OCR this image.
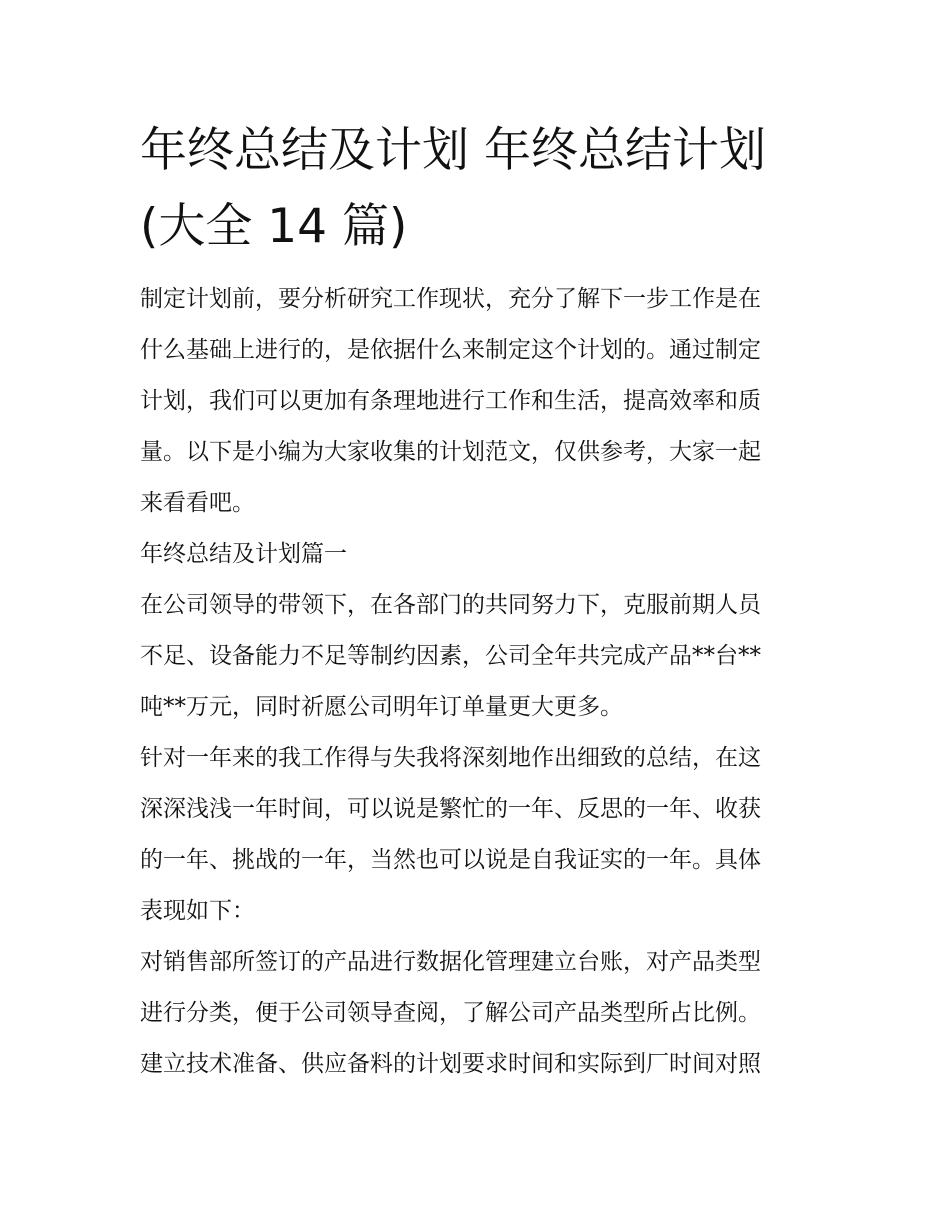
年终总结及计划 年终总结计划
(大全 14 篇)
制定计划前，要分析研究工作现状，充分了解下一步工作是在
什么基础上进行的，是依据什么来制定这个计划的。通过制定
计划，我们可以更加有条理地进行工作和生活，提高效率和质
量。以下是小编为大家收集的计划范文，仅供参考，大家一起
来看看吧。
年终总结及计划篇一
在公司领导的带领下，在各部门的共同努力下，克服前期人员
不足、设备能力不足等制约因素，公司全年共完成产品**台**
吨**万元，同时祈愿公司明年订单量更大更多。
针对一年来的我工作得与失我将深刻地作出细致的总结，在这
深深浅浅一年时间，可以说是繁忙的一年、反思的一年、收获
的一年、挑战的一年，当然也可以说是自我证实的一年。具体
表现如下：
对销售部所签订的产品进行数据化管理建立台账，对产品类型
进行分类，便于公司领导查阅，了解公司产品类型所占比例。
建立技术准备、供应备料的计划要求时间和实际到厂时间对照
